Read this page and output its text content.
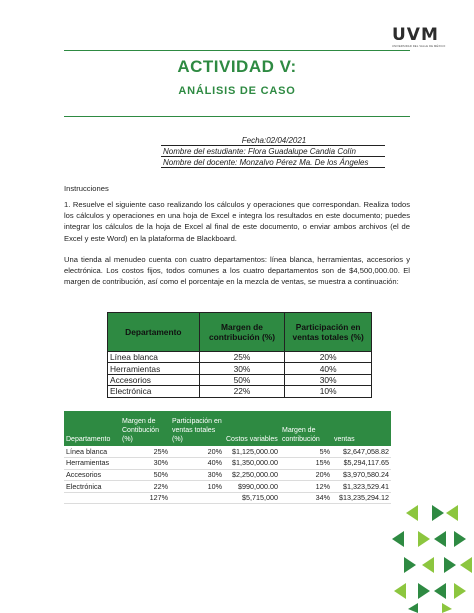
UVM
UNIVERSIDAD DEL VALLE DE MÉXICO
ACTIVIDAD V:
ANÁLISIS DE CASO
Fecha:02/04/2021
Nombre del estudiante: Flora Guadalupe Candia Colín
Nombre del docente: Monzalvo Pérez Ma. De los Ángeles
Instrucciones
1. Resuelve el siguiente caso realizando los cálculos y operaciones que correspondan. Realiza todos los cálculos y operaciones en una hoja de Excel e integra los resultados en este documento; puedes integrar los cálculos de la hoja de Excel al final de este documento, o enviar ambos archivos (el de Excel y este Word) en la plataforma de Blackboard.
Una tienda al menudeo cuenta con cuatro departamentos: línea blanca, herramientas, accesorios y electrónica. Los costos fijos, todos comunes a los cuatro departamentos son de $4,500,000.00. El margen de contribución, así como el porcentaje en la mezcla de ventas, se muestra a continuación:
Departamento	Margen de contribución (%)	Participación en ventas totales (%)
Línea blanca	25%	20%
Herramientas	30%	40%
Accesorios	50%	30%
Electrónica	22%	10%
Departamento	Margen de Contibución (%)	Participación en ventas totales (%)	Costos variables	Margen de contribución	ventas
Línea blanca	25%	20%	$1,125,000.00	5%	$2,647,058.82
Herramientas	30%	40%	$1,350,000.00	15%	$5,294,117.65
Accesorios	50%	30%	$2,250,000.00	20%	$3,970,580.24
Electrónica	22%	10%	$990,000.00	12%	$1,323,529.41
	127%		$5,715,000	34%	$13,235,294.12
